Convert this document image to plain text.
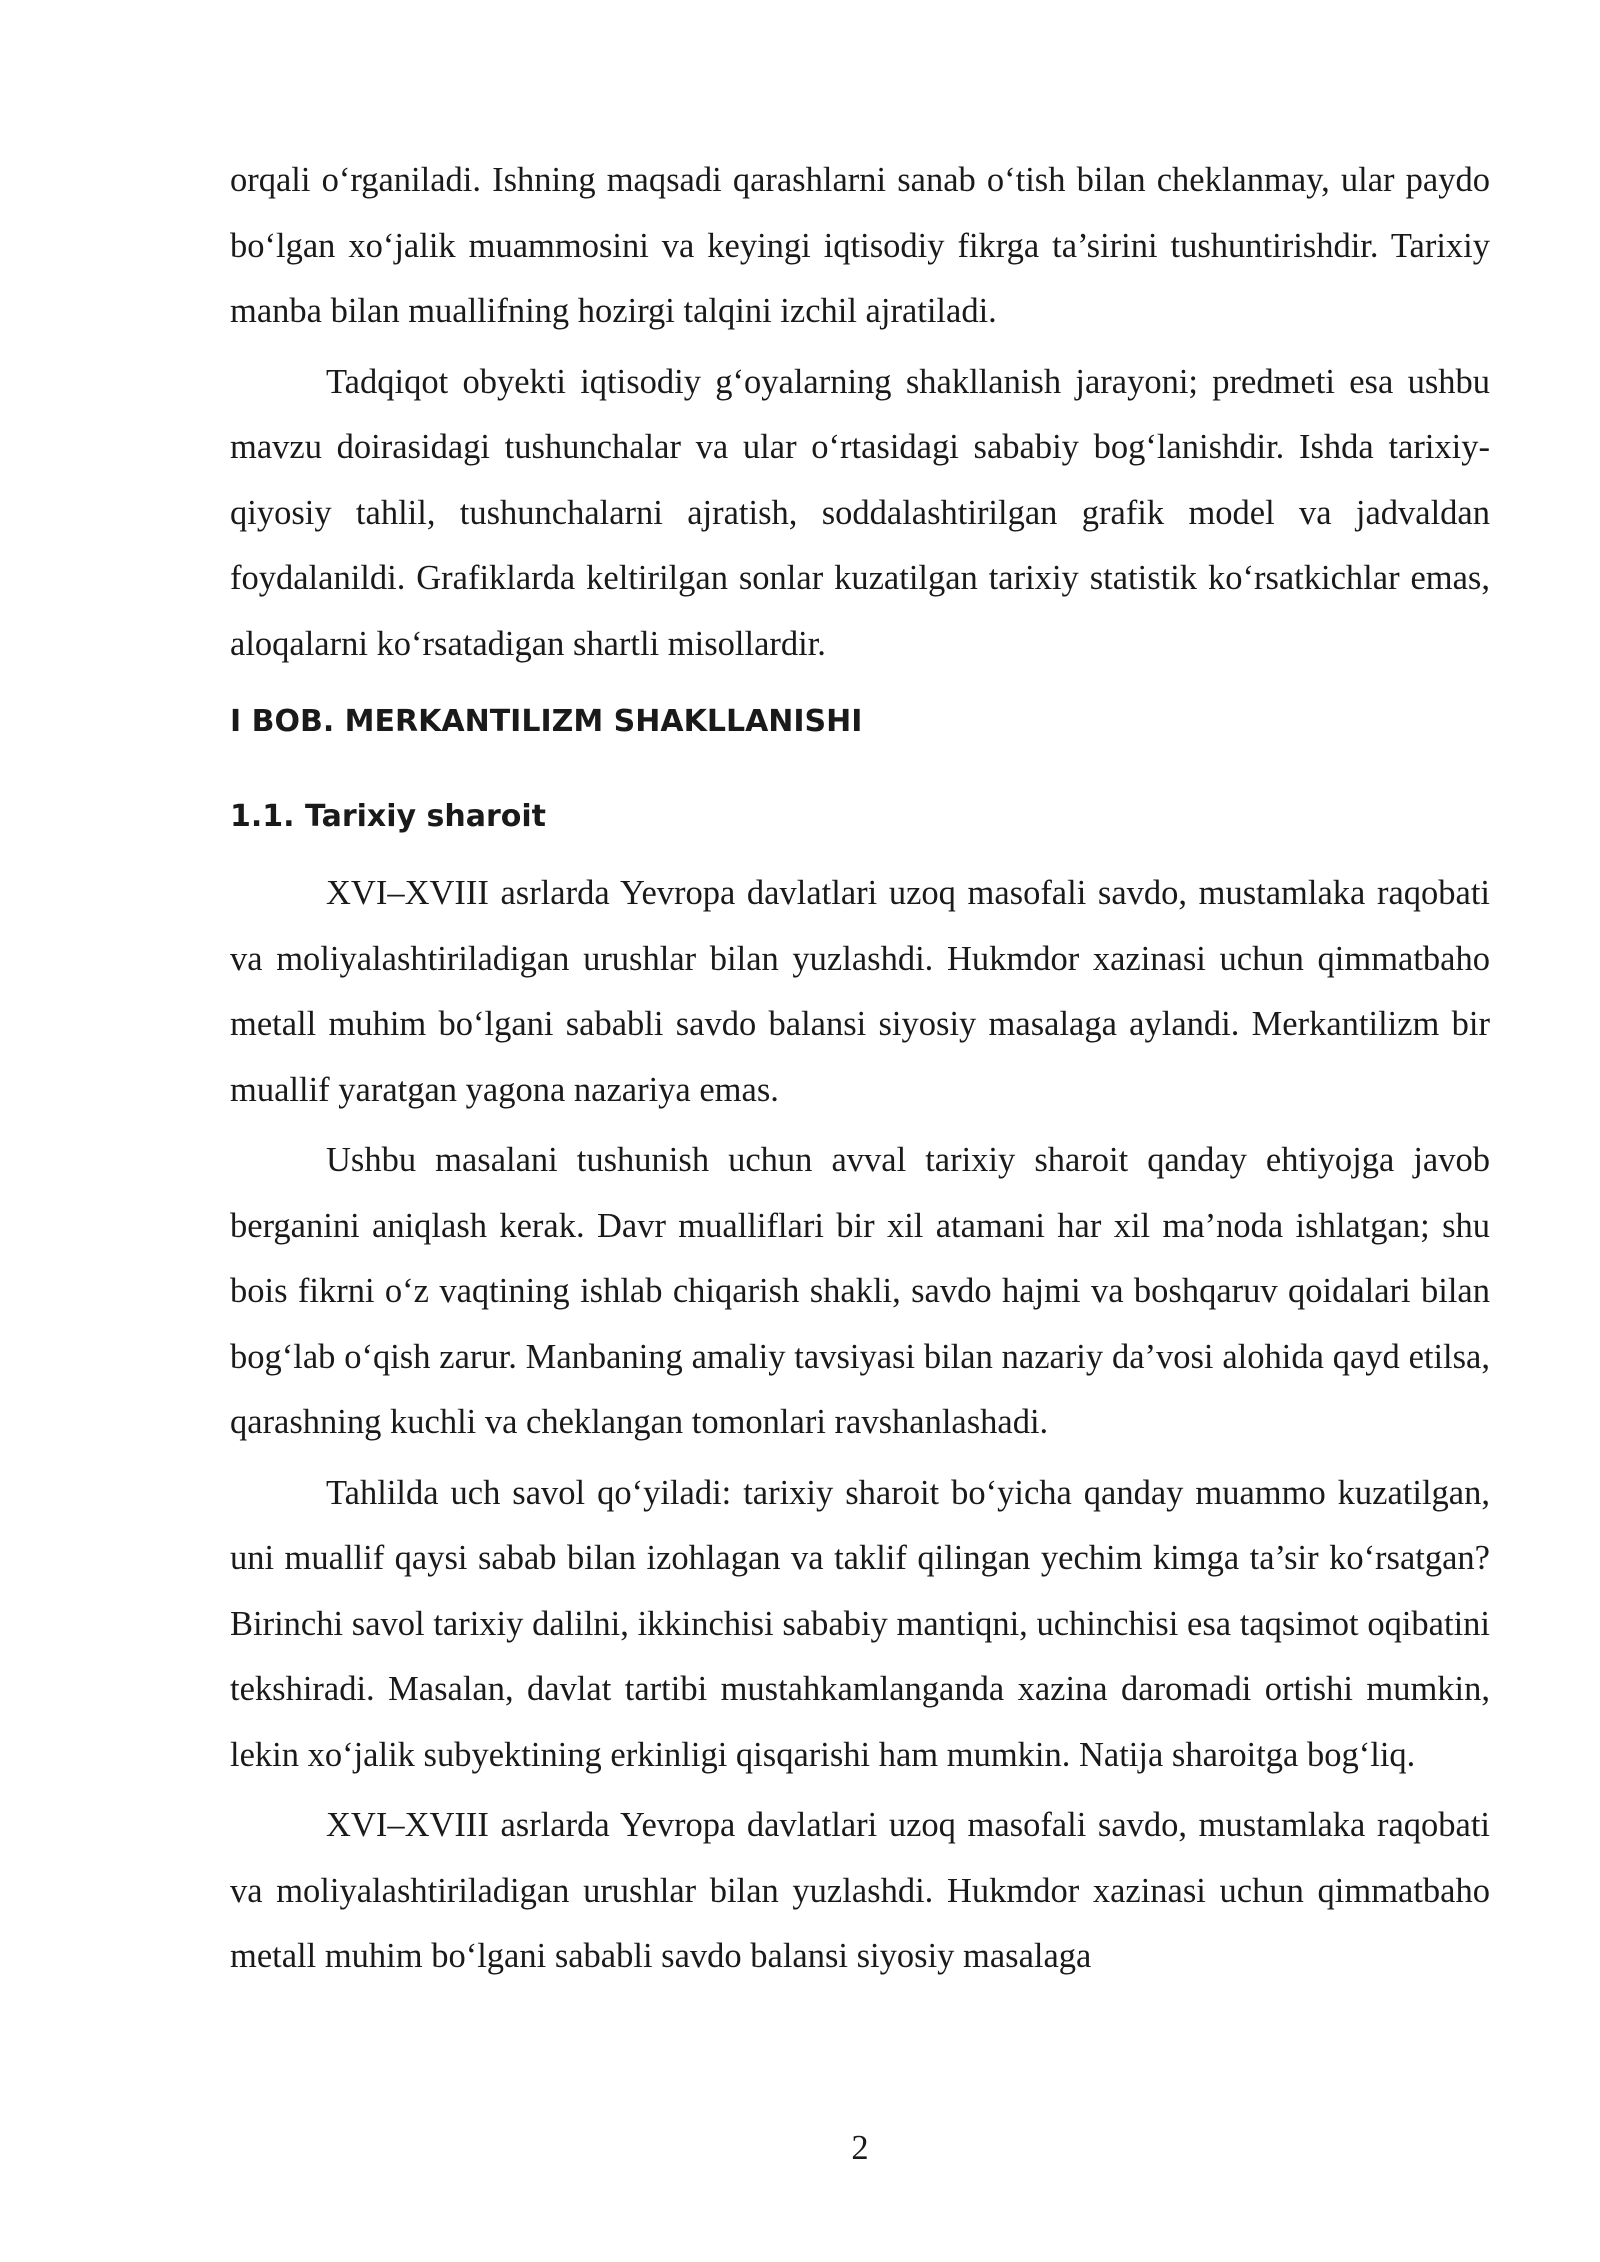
orqali o‘rganiladi. Ishning maqsadi qarashlarni sanab o‘tish bilan cheklanmay, ular paydo bo‘lgan xo‘jalik muammosini va keyingi iqtisodiy fikrga ta’sirini tushuntirishdir. Tarixiy manba bilan muallifning hozirgi talqini izchil ajratiladi.

Tadqiqot obyekti iqtisodiy g‘oyalarning shakllanish jarayoni; predmeti esa ushbu mavzu doirasidagi tushunchalar va ular o‘rtasidagi sababiy bog‘lanishdir. Ishda tarixiy-qiyosiy tahlil, tushunchalarni ajratish, soddalashtirilgan grafik model va jadvaldan foydalanildi. Grafiklarda keltirilgan sonlar kuzatilgan tarixiy statistik ko‘rsatkichlar emas, aloqalarni ko‘rsatadigan shartli misollardir.

I BOB. MERKANTILIZM SHAKLLANISHI
1.1. Tarixiy sharoit

XVI–XVIII asrlarda Yevropa davlatlari uzoq masofali savdo, mustamlaka raqobati va moliyalashtiriladigan urushlar bilan yuzlashdi. Hukmdor xazinasi uchun qimmatbaho metall muhim bo‘lgani sababli savdo balansi siyosiy masalaga aylandi. Merkantilizm bir muallif yaratgan yagona nazariya emas.

Ushbu masalani tushunish uchun avval tarixiy sharoit qanday ehtiyojga javob berganini aniqlash kerak. Davr mualliflari bir xil atamani har xil ma’noda ishlatgan; shu bois fikrni o‘z vaqtining ishlab chiqarish shakli, savdo hajmi va boshqaruv qoidalari bilan bog‘lab o‘qish zarur. Manbaning amaliy tavsiyasi bilan nazariy da’vosi alohida qayd etilsa, qarashning kuchli va cheklangan tomonlari ravshanlashadi.

Tahlilda uch savol qo‘yiladi: tarixiy sharoit bo‘yicha qanday muammo kuzatilgan, uni muallif qaysi sabab bilan izohlagan va taklif qilingan yechim kimga ta’sir ko‘rsatgan? Birinchi savol tarixiy dalilni, ikkinchisi sababiy mantiqni, uchinchisi esa taqsimot oqibatini tekshiradi. Masalan, davlat tartibi mustahkamlanganda xazina daromadi ortishi mumkin, lekin xo‘jalik subyektining erkinligi qisqarishi ham mumkin. Natija sharoitga bog‘liq.

XVI–XVIII asrlarda Yevropa davlatlari uzoq masofali savdo, mustamlaka raqobati va moliyalashtiriladigan urushlar bilan yuzlashdi. Hukmdor xazinasi uchun qimmatbaho metall muhim bo‘lgani sababli savdo balansi siyosiy masalaga

2
